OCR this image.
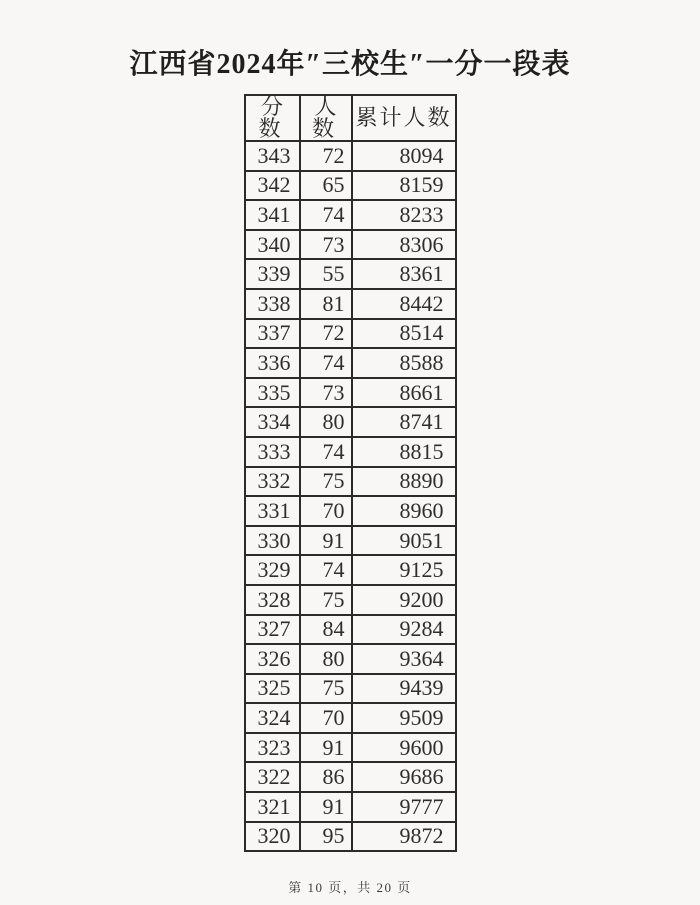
江西省2024年″三校生″一分一段表
分数	人数	累计人数
343	72	8094
342	65	8159
341	74	8233
340	73	8306
339	55	8361
338	81	8442
337	72	8514
336	74	8588
335	73	8661
334	80	8741
333	74	8815
332	75	8890
331	70	8960
330	91	9051
329	74	9125
328	75	9200
327	84	9284
326	80	9364
325	75	9439
324	70	9509
323	91	9600
322	86	9686
321	91	9777
320	95	9872
第 10 页，共 20 页
